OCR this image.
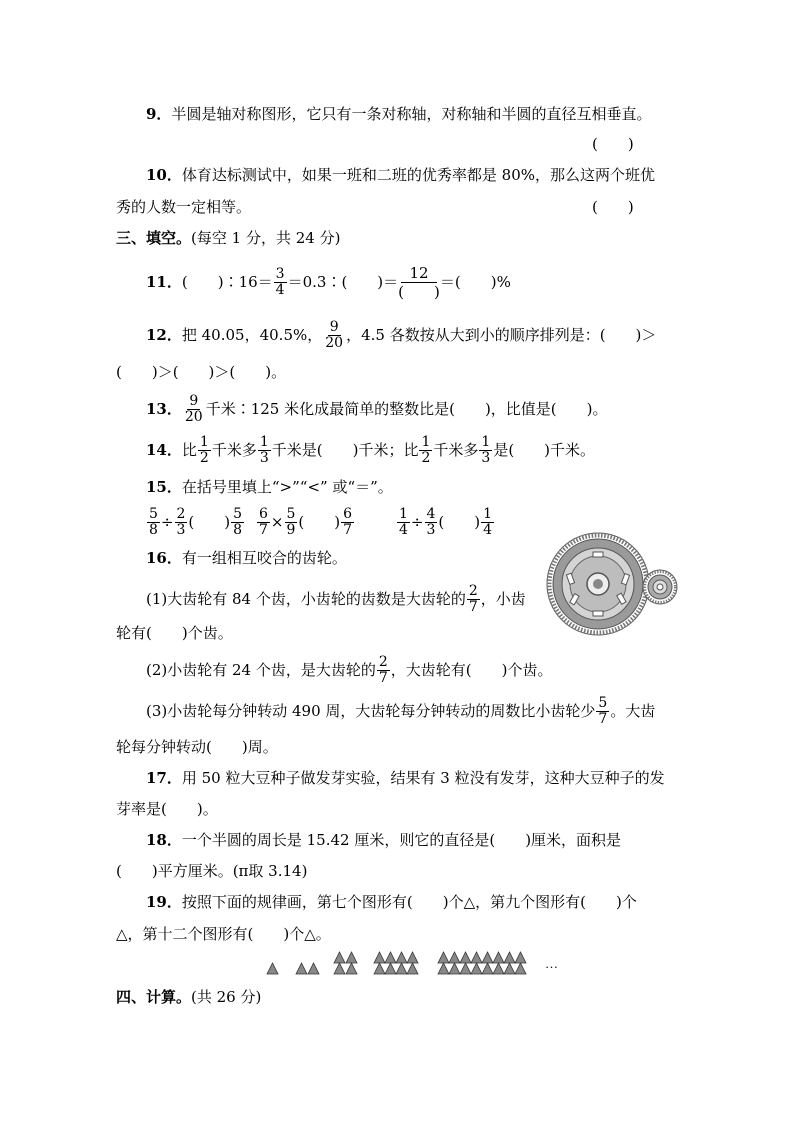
9．半圆是轴对称图形，它只有一条对称轴，对称轴和半圆的直径互相垂直。
(　　)
10．体育达标测试中，如果一班和二班的优秀率都是 80%，那么这两个班优
秀的人数一定相等。	(　　)
三、填空。(每空 1 分，共 24 分)
11． (　　)∶16＝ 3
4 ＝0.3∶(　　)＝
12
(　　)
＝(　　)%
12． 把 40.05，40.5%， 9
20 ，4.5 各数按从大到小的顺序排列是：(　　)＞
(　　)＞(　　)＞(　　)。
13． 9
20 千米∶125 米化成最简单的整数比是(　　)，比值是(　　)。
14． 比 1
2 千米多 1
3 千米是(　　)千米；比 1
2 千米多 1
3 是(　　)千米。
15．在括号里填上“>”“<” 或“＝”。
$\frac{5}{8} \div \frac{2}{3}$ (　　) 5
$8 \frac{6}{7} \times \frac{5}{9}$ (　　) 6
7	$\frac{1}{4} \div \frac{4}{3}$ (　　) 1
4
16．有一组相互咬合的齿轮。
(1)大齿轮有 84 个齿，小齿轮的齿数是大齿轮的 2
7 ，小齿
轮有(　　)个齿。
(2)小齿轮有 24 个齿，是大齿轮的 2
7 ，大齿轮有(　　)个齿。
(3)小齿轮每分钟转动 490 周，大齿轮每分钟转动的周数比小齿轮少 5
7 。大齿
轮每分钟转动(　　)周。
17．用 50 粒大豆种子做发芽实验，结果有 3 粒没有发芽，这种大豆种子的发
芽率是(　　)。
18．一个半圆的周长是 15.42 厘米，则它的直径是(　　)厘米，面积是
(　　)平方厘米。(π取 3.14)
19．按照下面的规律画，第七个图形有(　　)个△，第九个图形有(　　)个
△，第十二个图形有(　　)个△。
…
四、计算。(共 26 分)
